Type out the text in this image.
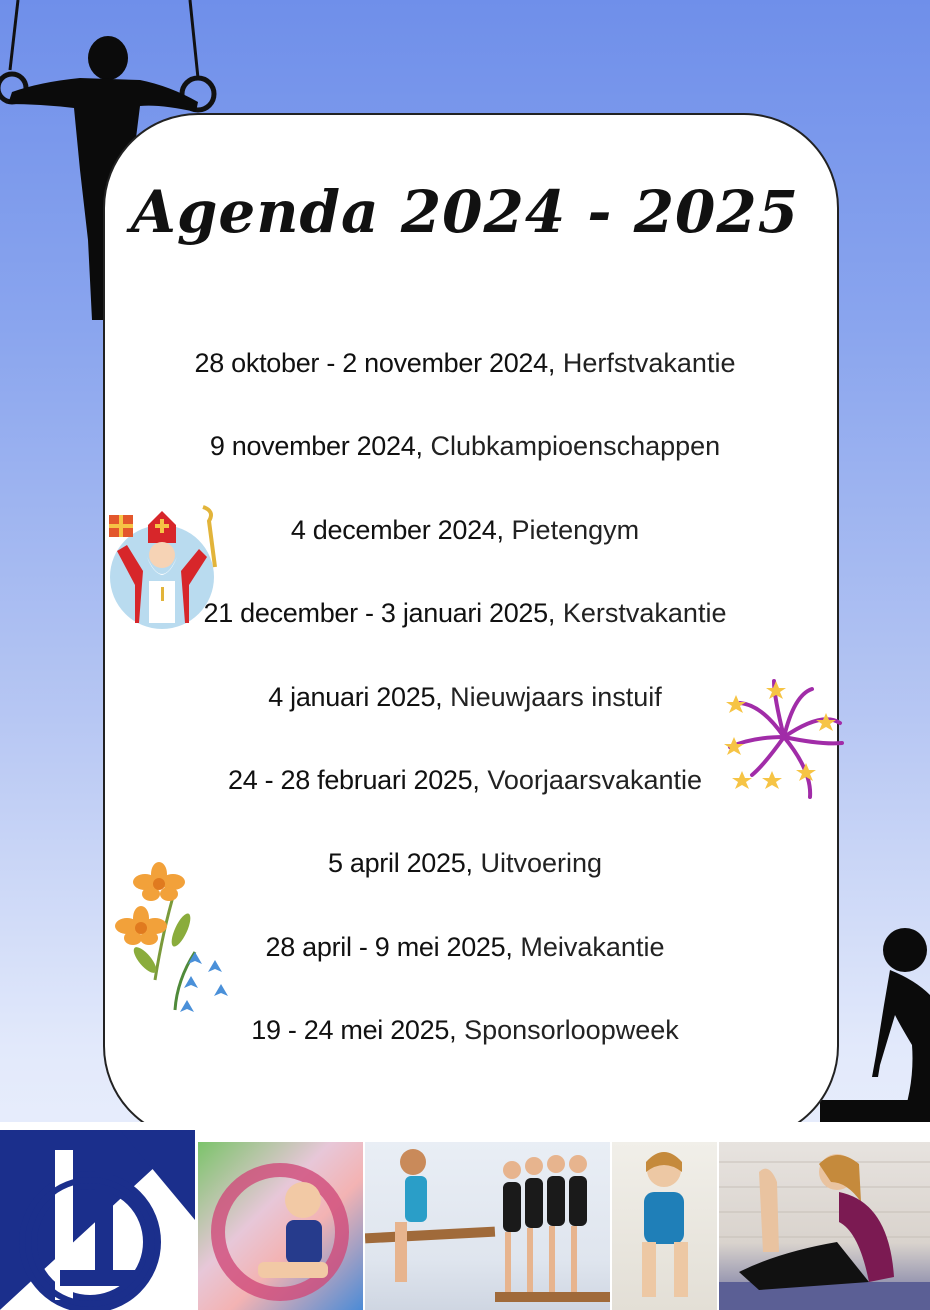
Agenda 2024 - 2025
28 oktober - 2 november 2024, Herfstvakantie
9 november 2024, Clubkampioenschappen
4 december 2024, Pietengym
21 december - 3 januari 2025, Kerstvakantie
4 januari 2025, Nieuwjaars instuif
24 - 28 februari 2025, Voorjaarsvakantie
5 april 2025, Uitvoering
28 april - 9 mei 2025, Meivakantie
19 - 24 mei 2025, Sponsorloopweek
